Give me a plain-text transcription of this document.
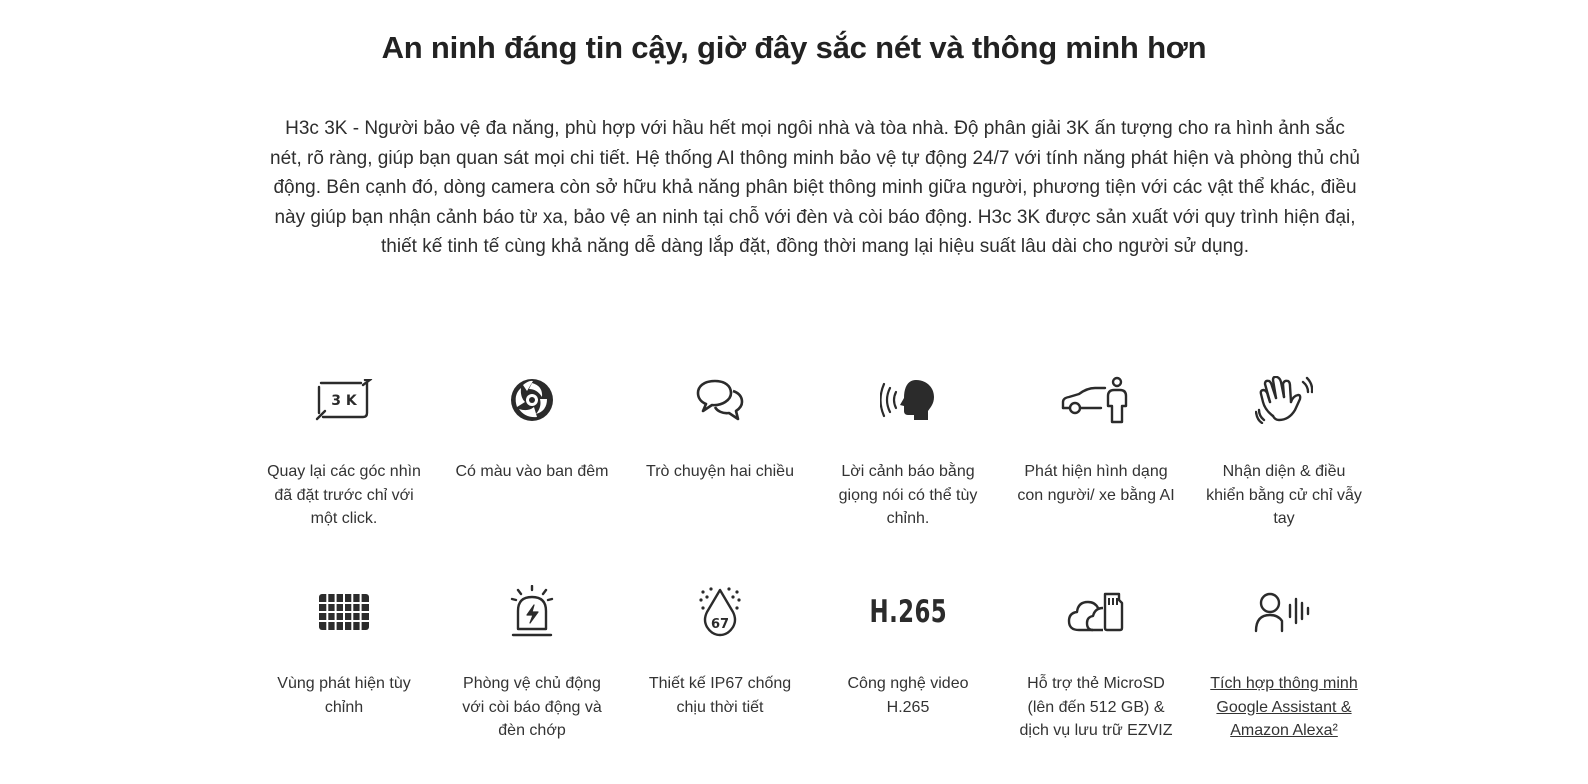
An ninh đáng tin cậy, giờ đây sắc nét và thông minh hơn

H3c 3K - Người bảo vệ đa năng, phù hợp với hầu hết mọi ngôi nhà và tòa nhà. Độ phân giải 3K ấn tượng cho ra hình ảnh sắc nét, rõ ràng, giúp bạn quan sát mọi chi tiết. Hệ thống AI thông minh bảo vệ tự động 24/7 với tính năng phát hiện và phòng thủ chủ động. Bên cạnh đó, dòng camera còn sở hữu khả năng phân biệt thông minh giữa người, phương tiện với các vật thể khác, điều này giúp bạn nhận cảnh báo từ xa, bảo vệ an ninh tại chỗ với đèn và còi báo động. H3c 3K được sản xuất với quy trình hiện đại, thiết kế tinh tế cùng khả năng dễ dàng lắp đặt, đồng thời mang lại hiệu suất lâu dài cho người sử dụng.

3 K
Quay lại các góc nhìn đã đặt trước chỉ với một click.
Có màu vào ban đêm	Trò chuyện hai chiều	Lời cảnh báo bằng giọng nói có thể tùy chỉnh.
Phát hiện hình dạng con người/ xe bằng AI
Nhận diện & điều khiển bằng cử chỉ vẫy tay
Vùng phát hiện tùy chỉnh
Phòng vệ chủ động với còi báo động và đèn chớp
67
Thiết kế IP67 chống chịu thời tiết
H.265
Công nghệ video H.265
Hỗ trợ thẻ MicroSD (lên đến 512 GB) & dịch vụ lưu trữ EZVIZ
Tích hợp thông minh Google Assistant & Amazon Alexa²
